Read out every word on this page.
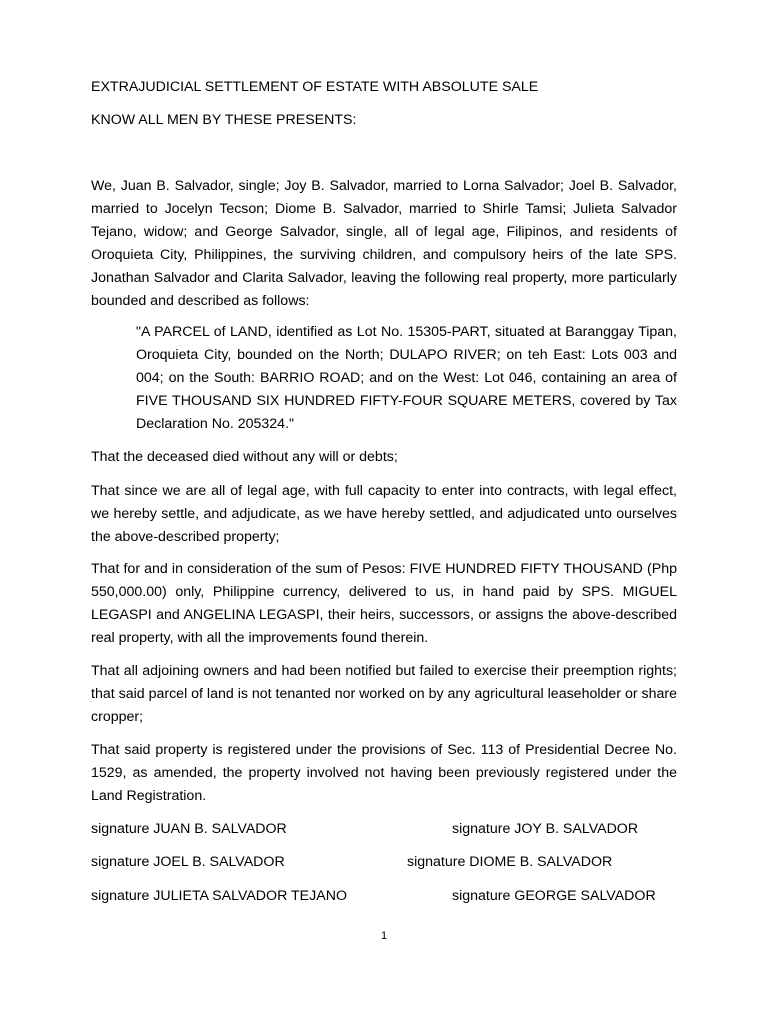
EXTRAJUDICIAL SETTLEMENT OF ESTATE WITH ABSOLUTE SALE
KNOW ALL MEN BY THESE PRESENTS:
We, Juan B. Salvador, single; Joy B. Salvador, married to Lorna Salvador; Joel B. Salvador, married to Jocelyn Tecson; Diome B. Salvador, married to Shirle Tamsi; Julieta Salvador Tejano, widow; and George Salvador, single, all of legal age, Filipinos, and residents of Oroquieta City, Philippines, the surviving children, and compulsory heirs of the late SPS. Jonathan Salvador and Clarita Salvador, leaving the following real property, more particularly bounded and described as follows:
"A PARCEL of LAND, identified as Lot No. 15305-PART, situated at Baranggay Tipan, Oroquieta City, bounded on the North; DULAPO RIVER; on teh East: Lots 003 and 004; on the South: BARRIO ROAD; and on the West: Lot 046, containing an area of FIVE THOUSAND SIX HUNDRED FIFTY-FOUR SQUARE METERS, covered by Tax Declaration No. 205324."
That the deceased died without any will or debts;
That since we are all of legal age, with full capacity to enter into contracts, with legal effect, we hereby settle, and adjudicate, as we have hereby settled, and adjudicated unto ourselves the above-described property;
That for and in consideration of the sum of Pesos: FIVE HUNDRED FIFTY THOUSAND (Php 550,000.00) only, Philippine currency, delivered to us, in hand paid by SPS. MIGUEL LEGASPI and ANGELINA LEGASPI, their heirs, successors, or assigns the above-described real property, with all the improvements found therein.
That all adjoining owners and had been notified but failed to exercise their preemption rights; that said parcel of land is not tenanted nor worked on by any agricultural leaseholder or share cropper;
That said property is registered under the provisions of Sec. 113 of Presidential Decree No. 1529, as amended, the property involved not having been previously registered under the Land Registration.
signature JUAN B. SALVADOR	signature JOY B. SALVADOR
signature JOEL B. SALVADOR	signature DIOME B. SALVADOR
signature JULIETA SALVADOR TEJANO	signature GEORGE SALVADOR
1
